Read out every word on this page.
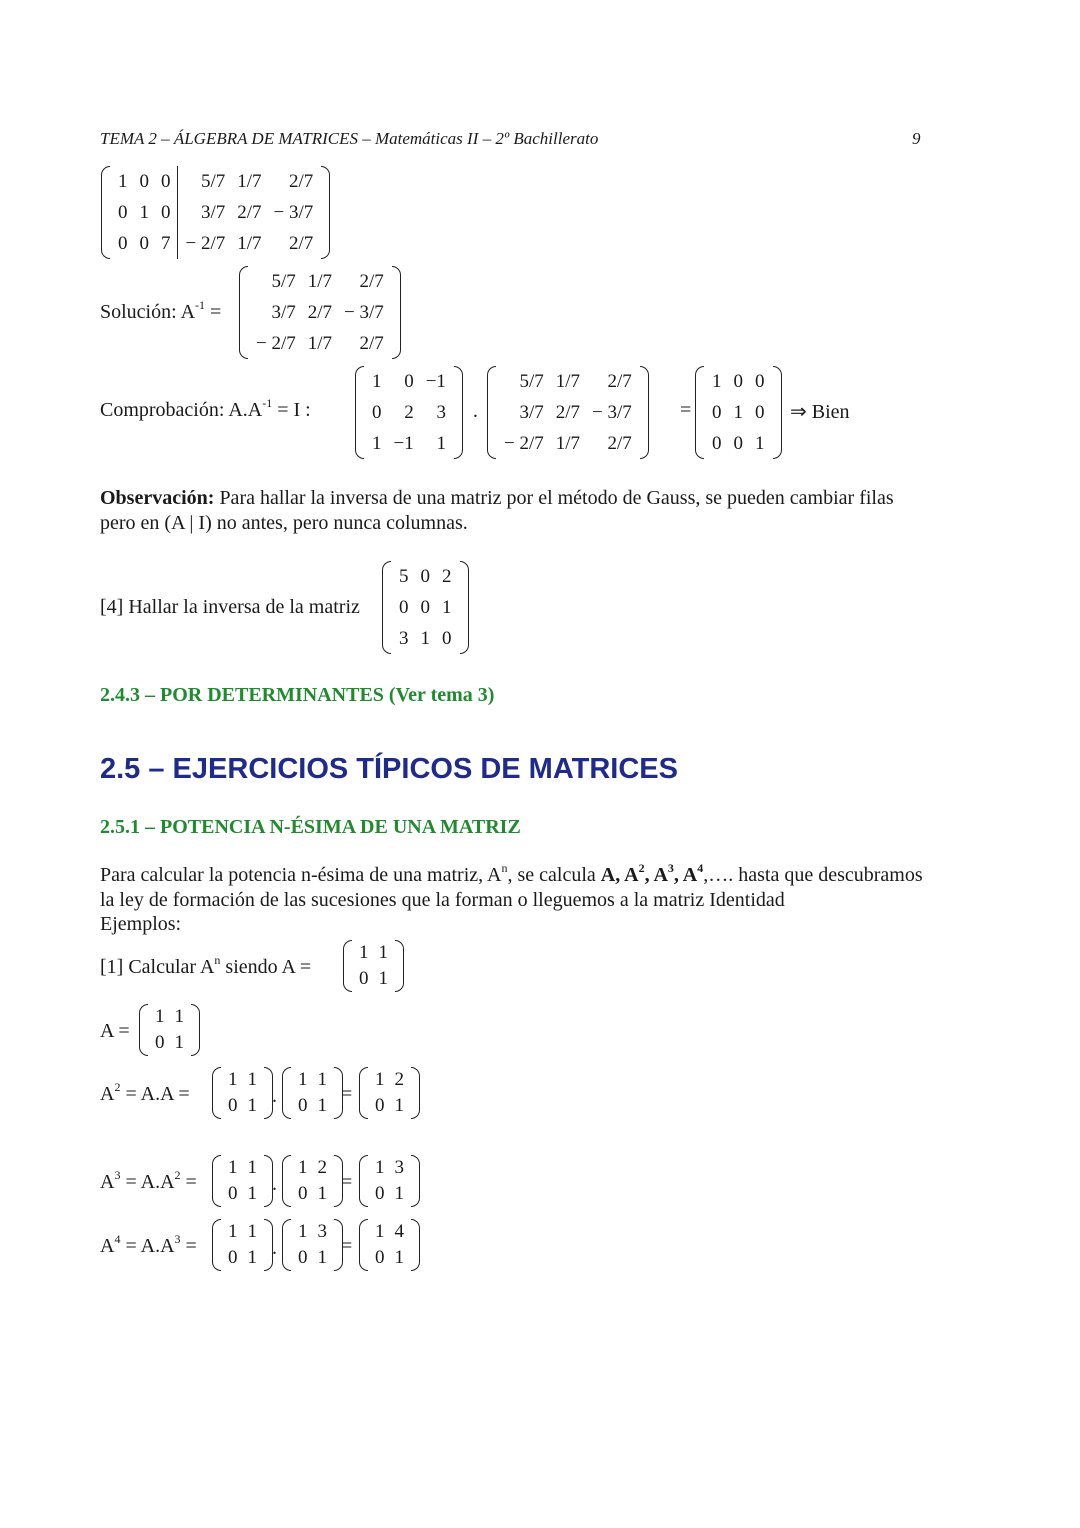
TEMA 2 – ÁLGEBRA DE MATRICES – Matemáticas II – 2º Bachillerato	9
1	0	0	5/7	1/7	2/7
0	1	0	3/7	2/7	− 3/7
0	0	7	− 2/7	1/7	2/7
Solución: $A^{-1}$ =
5/7	1/7	2/7
3/7	2/7	− 3/7
− 2/7	1/7	2/7
Comprobación: $A.A^{-1} = I$ :
1	0	−1
0	2	3
1	−1	1
.
5/7	1/7	2/7
3/7	2/7	− 3/7
− 2/7	1/7	2/7
=
1	0	0
0	1	0
0	0	1
⇒ Bien
Observación: Para hallar la inversa de una matriz por el método de Gauss, se pueden cambiar filas
pero en (A | I) no antes, pero nunca columnas.
[4] Hallar la inversa de la matriz
5	0	2
0	0	1
3	1	0
2.4.3 – POR DETERMINANTES (Ver tema 3)
2.5 – EJERCICIOS TÍPICOS DE MATRICES
2.5.1 – POTENCIA N-ÉSIMA DE UNA MATRIZ
Para calcular la potencia n-ésima de una matriz, $A^n$, se calcula A, $A^2$, $A^3$, $A^4,\dots$. hasta que descubramos
la ley de formación de las sucesiones que la forman o lleguemos a la matriz Identidad
Ejemplos:
[1] Calcular $A^n$ siendo A =
1	1
0	1
A =
1	1
0	1
$A^2 = A.A$ =
1	1
0	1 .
1	1
0	1
=
1	2
0	1
$A^3 = A.A^2$ =
1	1
0	1 .
1	2
0	1
=
1	3
0	1
$A^4 = A.A^3$ =
1	1
0	1 .
1	3
0	1
=
1	4
0	1
